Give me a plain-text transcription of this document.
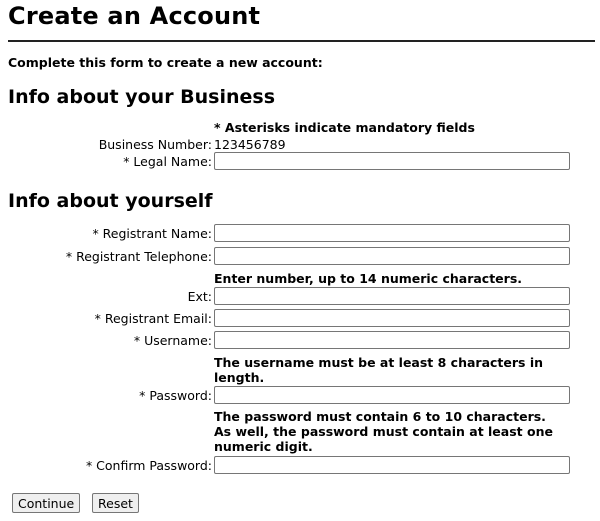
Create an Account
Complete this form to create a new account:
Info about your Business
* Asterisks indicate mandatory fields
Business Number: 123456789
* Legal Name:
Info about yourself
* Registrant Name:
* Registrant Telephone:
Enter number, up to 14 numeric characters.
Ext:
* Registrant Email:
* Username:
The username must be at least 8 characters in length.
* Password:
The password must contain 6 to 10 characters.
As well, the password must contain at least one numeric digit.
* Confirm Password:
Continue	Reset
